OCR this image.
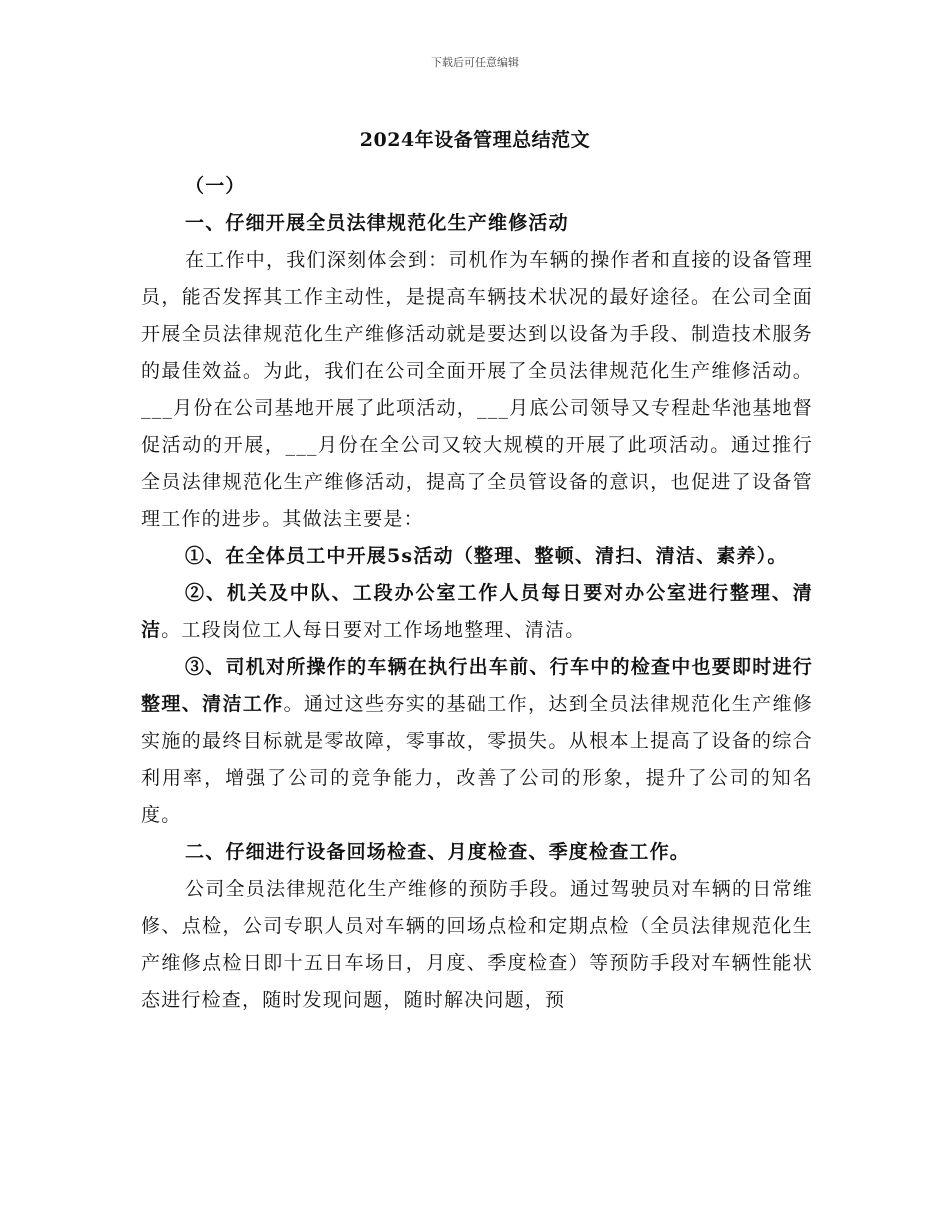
下载后可任意编辑
2024年设备管理总结范文

（一）

一、仔细开展全员法律规范化生产维修活动

在工作中，我们深刻体会到：司机作为车辆的操作者和直接的设备管理员，能否发挥其工作主动性，是提高车辆技术状况的最好途径。在公司全面开展全员法律规范化生产维修活动就是要达到以设备为手段、制造技术服务的最佳效益。为此，我们在公司全面开展了全员法律规范化生产维修活动。___月份在公司基地开展了此项活动，___月底公司领导又专程赴华池基地督促活动的开展，___月份在全公司又较大规模的开展了此项活动。通过推行全员法律规范化生产维修活动，提高了全员管设备的意识，也促进了设备管理工作的进步。其做法主要是：

①、在全体员工中开展5s活动（整理、整顿、清扫、清洁、素养）。

②、机关及中队、工段办公室工作人员每日要对办公室进行整理、清洁。工段岗位工人每日要对工作场地整理、清洁。

③、司机对所操作的车辆在执行出车前、行车中的检查中也要即时进行整理、清洁工作。通过这些夯实的基础工作，达到全员法律规范化生产维修实施的最终目标就是零故障，零事故，零损失。从根本上提高了设备的综合利用率，增强了公司的竞争能力，改善了公司的形象，提升了公司的知名度。

二、仔细进行设备回场检查、月度检查、季度检查工作。

公司全员法律规范化生产维修的预防手段。通过驾驶员对车辆的日常维修、点检，公司专职人员对车辆的回场点检和定期点检（全员法律规范化生产维修点检日即十五日车场日，月度、季度检查）等预防手段对车辆性能状态进行检查，随时发现问题，随时解决问题，预
